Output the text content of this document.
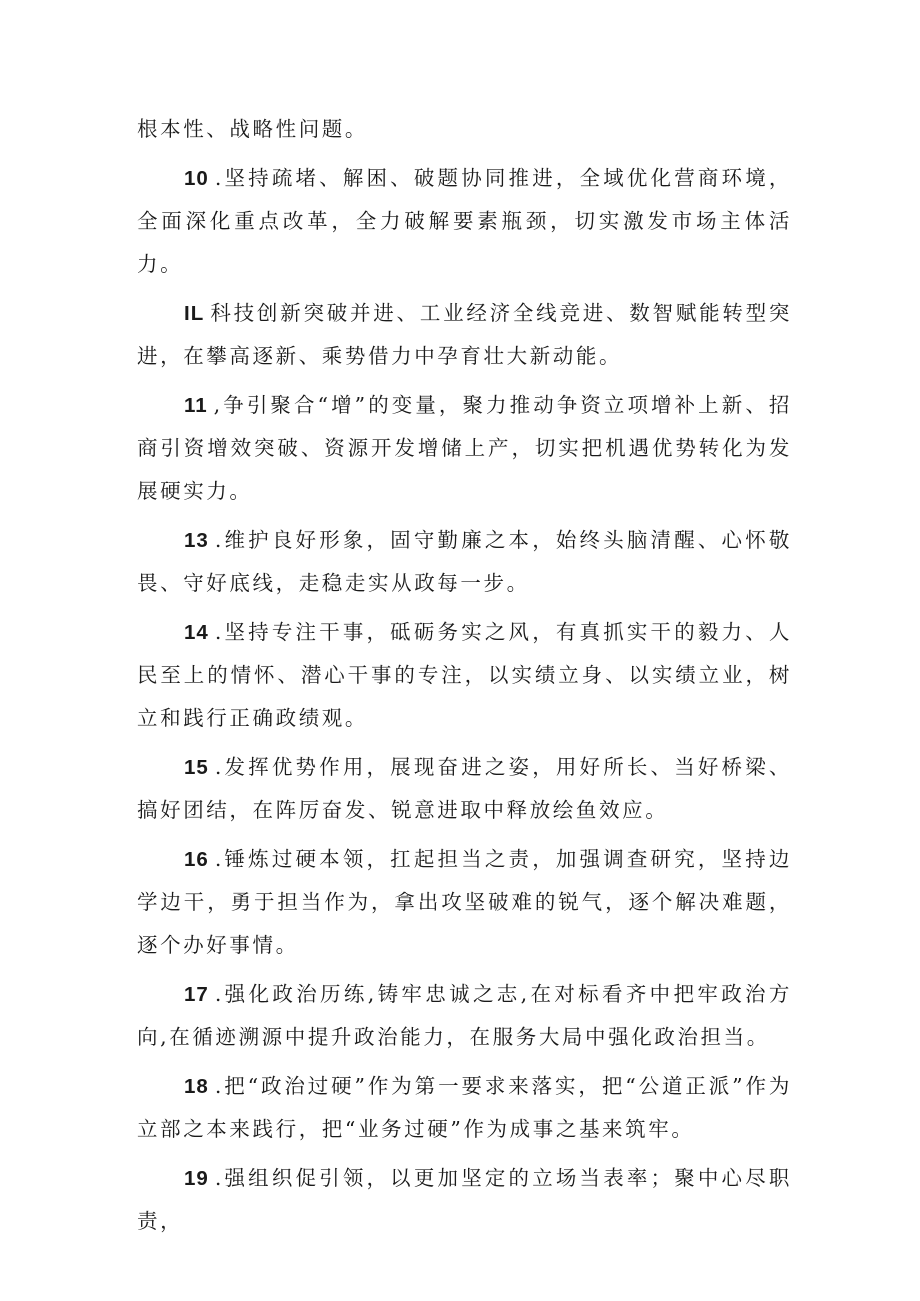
根本性、战略性问题。

10 .坚持疏堵、解困、破题协同推进，全域优化营商环境，全面深化重点改革，全力破解要素瓶颈，切实激发市场主体活力。

IL 科技创新突破并进、工业经济全线竞进、数智赋能转型突进，在攀高逐新、乘势借力中孕育壮大新动能。

11 ,争引聚合“增”的变量，聚力推动争资立项增补上新、招商引资增效突破、资源开发增储上产，切实把机遇优势转化为发展硬实力。

13 .维护良好形象，固守勤廉之本，始终头脑清醒、心怀敬畏、守好底线，走稳走实从政每一步。

14 .坚持专注干事，砥砺务实之风，有真抓实干的毅力、人民至上的情怀、潜心干事的专注，以实绩立身、以实绩立业，树立和践行正确政绩观。

15 .发挥优势作用，展现奋进之姿，用好所长、当好桥梁、搞好团结，在阵厉奋发、锐意进取中释放绘鱼效应。

16 .锤炼过硬本领，扛起担当之责，加强调查研究，坚持边学边干，勇于担当作为，拿出攻坚破难的锐气，逐个解决难题，逐个办好事情。

17 .强化政治历练,铸牢忠诚之志,在对标看齐中把牢政治方向,在循迹溯源中提升政治能力，在服务大局中强化政治担当。

18 .把“政治过硬”作为第一要求来落实，把“公道正派”作为立部之本来践行，把“业务过硬”作为成事之基来筑牢。

19 .强组织促引领，以更加坚定的立场当表率；聚中心尽职责，
